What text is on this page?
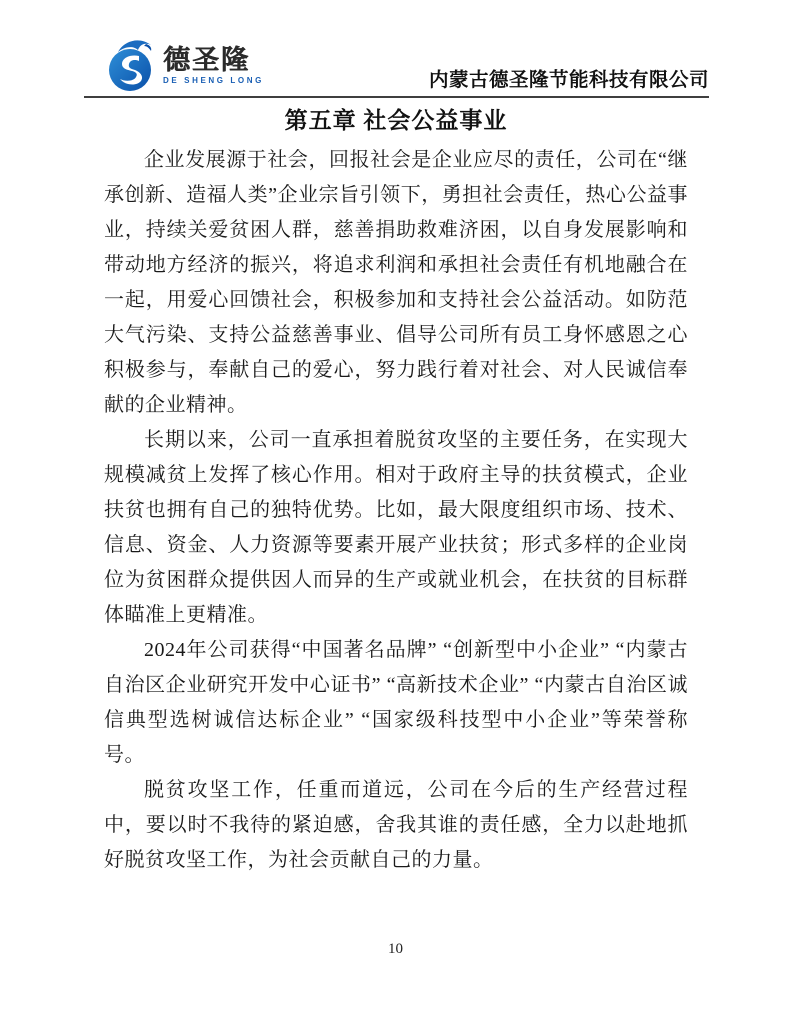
德圣隆
DE SHENG LONG	内蒙古德圣隆节能科技有限公司
第五章 社会公益事业

企业发展源于社会，回报社会是企业应尽的责任，公司在“继承创新、造福人类”企业宗旨引领下，勇担社会责任，热心公益事业，持续关爱贫困人群，慈善捐助救难济困，以自身发展影响和带动地方经济的振兴，将追求利润和承担社会责任有机地融合在一起，用爱心回馈社会，积极参加和支持社会公益活动。如防范大气污染、支持公益慈善事业、倡导公司所有员工身怀感恩之心积极参与，奉献自己的爱心，努力践行着对社会、对人民诚信奉献的企业精神。

长期以来，公司一直承担着脱贫攻坚的主要任务，在实现大规模减贫上发挥了核心作用。相对于政府主导的扶贫模式，企业扶贫也拥有自己的独特优势。比如，最大限度组织市场、技术、信息、资金、人力资源等要素开展产业扶贫；形式多样的企业岗位为贫困群众提供因人而异的生产或就业机会，在扶贫的目标群体瞄准上更精准。

2024年公司获得“中国著名品牌” “创新型中小企业” “内蒙古自治区企业研究开发中心证书” “高新技术企业” “内蒙古自治区诚信典型选树诚信达标企业” “国家级科技型中小企业”等荣誉称号。

脱贫攻坚工作，任重而道远，公司在今后的生产经营过程中，要以时不我待的紧迫感，舍我其谁的责任感，全力以赴地抓好脱贫攻坚工作，为社会贡献自己的力量。

10
